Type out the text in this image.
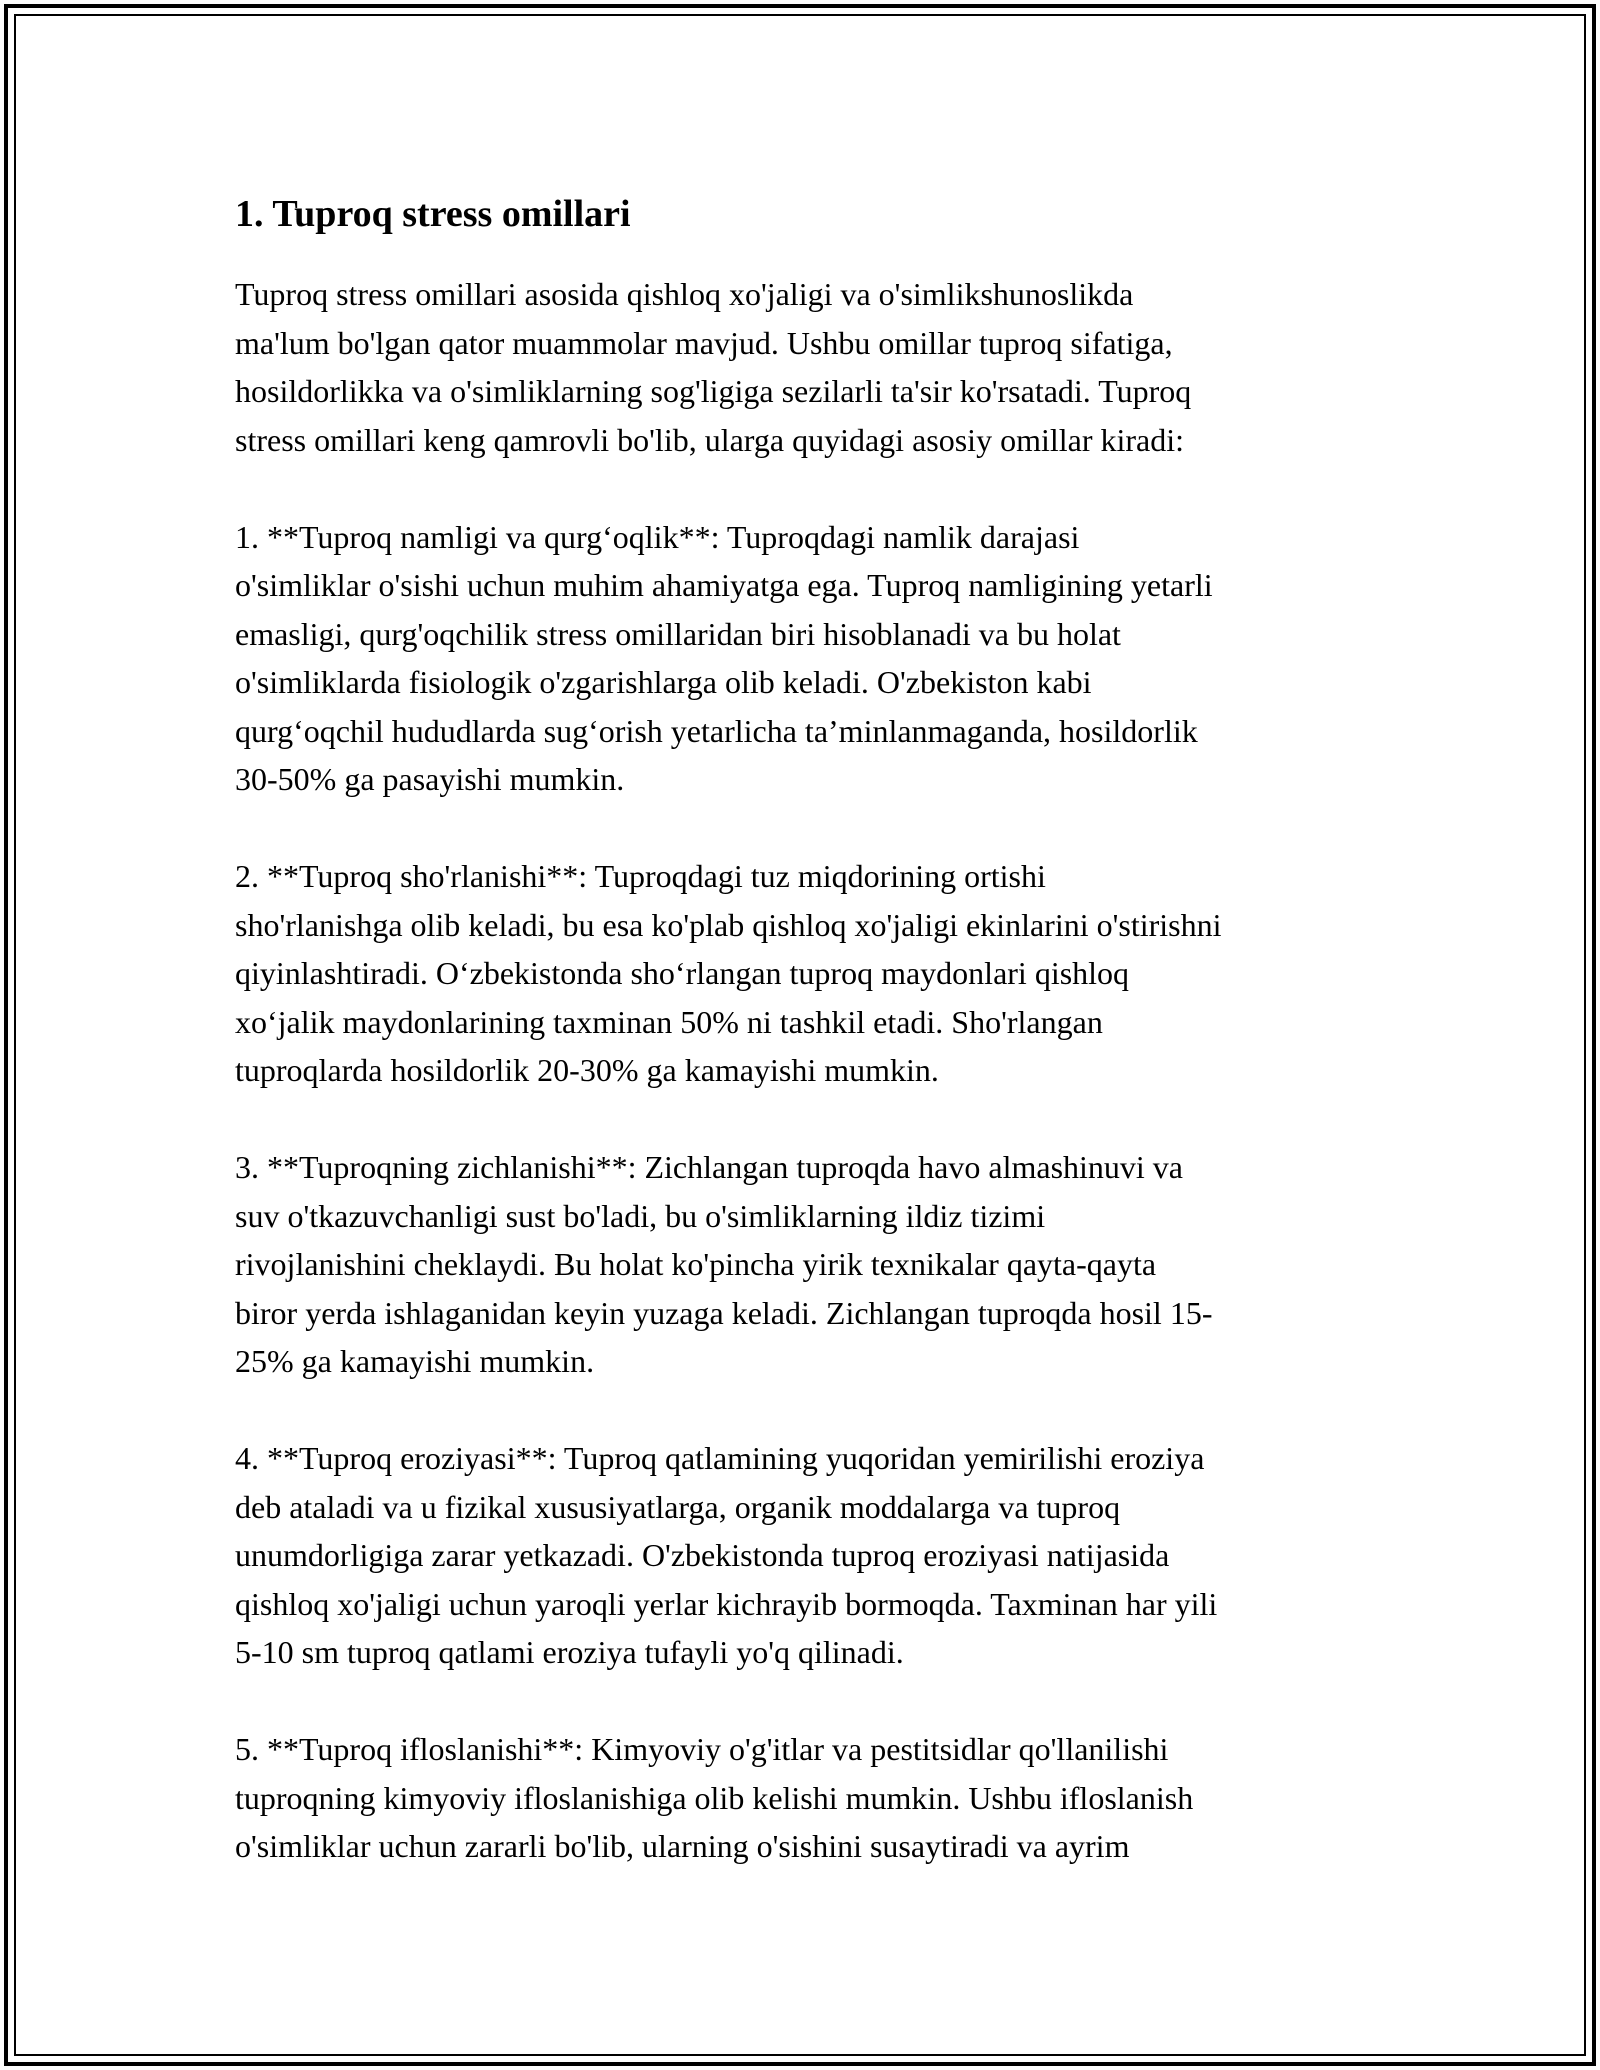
1. Tuproq stress omillari

Tuproq stress omillari asosida qishloq xo'jaligi va o'simlikshunoslikda
ma'lum bo'lgan qator muammolar mavjud. Ushbu omillar tuproq sifatiga,
hosildorlikka va o'simliklarning sog'ligiga sezilarli ta'sir ko'rsatadi. Tuproq
stress omillari keng qamrovli bo'lib, ularga quyidagi asosiy omillar kiradi:

1. **Tuproq namligi va qurg‘oqlik**: Tuproqdagi namlik darajasi
o'simliklar o'sishi uchun muhim ahamiyatga ega. Tuproq namligining yetarli
emasligi, qurg'oqchilik stress omillaridan biri hisoblanadi va bu holat
o'simliklarda fisiologik o'zgarishlarga olib keladi. O'zbekiston kabi
qurg‘oqchil hududlarda sug‘orish yetarlicha ta’minlanmaganda, hosildorlik
30-50% ga pasayishi mumkin.

2. **Tuproq sho'rlanishi**: Tuproqdagi tuz miqdorining ortishi
sho'rlanishga olib keladi, bu esa ko'plab qishloq xo'jaligi ekinlarini o'stirishni
qiyinlashtiradi. O‘zbekistonda sho‘rlangan tuproq maydonlari qishloq
xo‘jalik maydonlarining taxminan 50% ni tashkil etadi. Sho'rlangan
tuproqlarda hosildorlik 20-30% ga kamayishi mumkin.

3. **Tuproqning zichlanishi**: Zichlangan tuproqda havo almashinuvi va
suv o'tkazuvchanligi sust bo'ladi, bu o'simliklarning ildiz tizimi
rivojlanishini cheklaydi. Bu holat ko'pincha yirik texnikalar qayta-qayta
biror yerda ishlaganidan keyin yuzaga keladi. Zichlangan tuproqda hosil 15-
25% ga kamayishi mumkin.

4. **Tuproq eroziyasi**: Tuproq qatlamining yuqoridan yemirilishi eroziya
deb ataladi va u fizikal xususiyatlarga, organik moddalarga va tuproq
unumdorligiga zarar yetkazadi. O'zbekistonda tuproq eroziyasi natijasida
qishloq xo'jaligi uchun yaroqli yerlar kichrayib bormoqda. Taxminan har yili
5-10 sm tuproq qatlami eroziya tufayli yo'q qilinadi.

5. **Tuproq ifloslanishi**: Kimyoviy o'g'itlar va pestitsidlar qo'llanilishi
tuproqning kimyoviy ifloslanishiga olib kelishi mumkin. Ushbu ifloslanish
o'simliklar uchun zararli bo'lib, ularning o'sishini susaytiradi va ayrim
